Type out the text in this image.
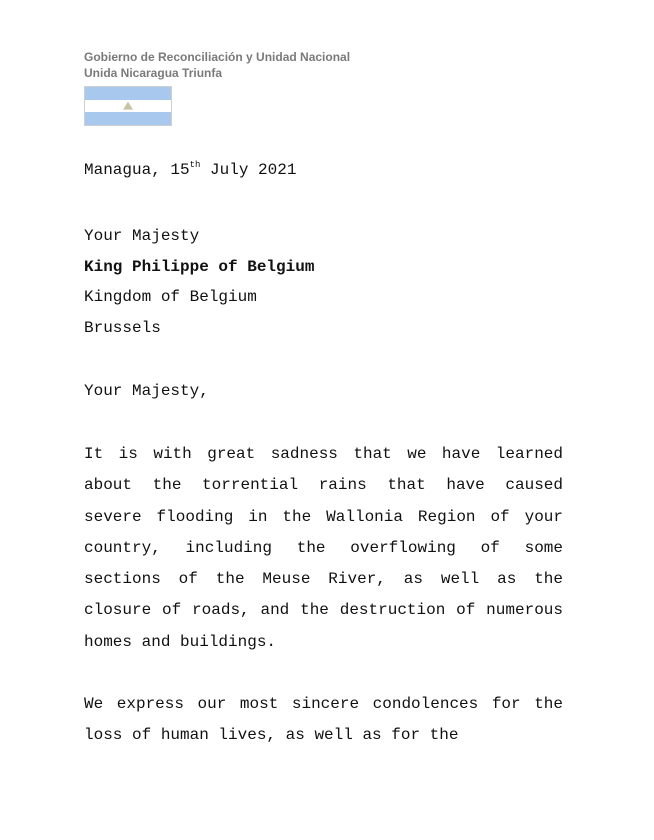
Gobierno de Reconciliación y Unidad Nacional
Unida Nicaragua Triunfa
Managua, 15th July 2021
Your Majesty
King Philippe of Belgium
Kingdom of Belgium
Brussels
Your Majesty,
It is with great sadness that we have learned about the torrential rains that have caused severe flooding in the Wallonia Region of your country, including the overflowing of some sections of the Meuse River, as well as the closure of roads, and the destruction of numerous homes and buildings.
We express our most sincere condolences for the loss of human lives, as well as for the
